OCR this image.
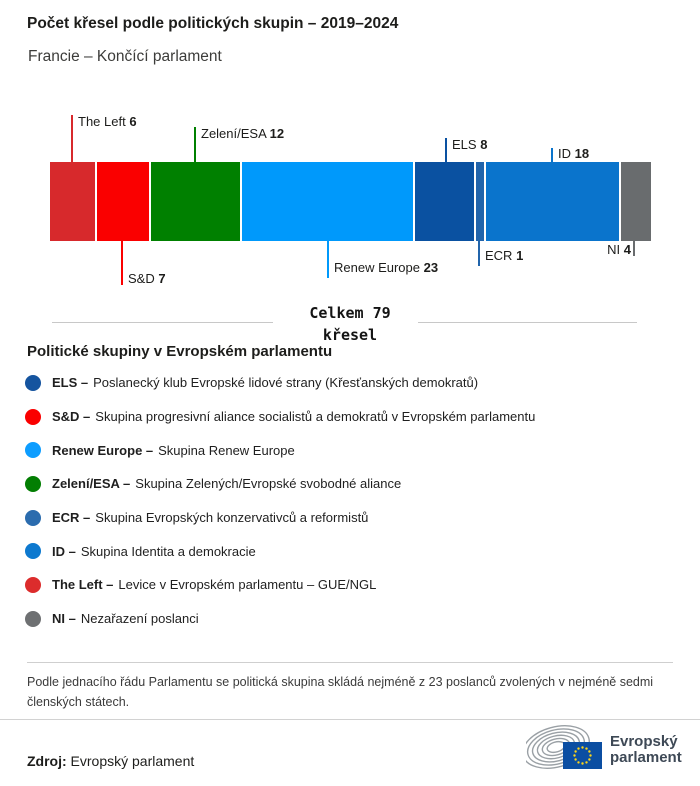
Počet křesel podle politických skupin – 2019–2024
Francie – Končící parlament
The Left 6
Zelení/ESA 12
ELS 8
ID 18
S&D 7
Renew Europe 23
ECR 1	NI 4
Celkem 79
křesel
Politické skupiny v Evropském parlamentu
ELS – Poslanecký klub Evropské lidové strany (Křesťanských demokratů)
S&D – Skupina progresivní aliance socialistů a demokratů v Evropském parlamentu
Renew Europe – Skupina Renew Europe
Zelení/ESA – Skupina Zelených/Evropské svobodné aliance
ECR – Skupina Evropských konzervativců a reformistů
ID – Skupina Identita a demokracie
The Left – Levice v Evropském parlamentu – GUE/NGL
NI – Nezařazení poslanci
Podle jednacího řádu Parlamentu se politická skupina skládá nejméně z 23 poslanců zvolených v nejméně sedmi členských státech.
Zdroj: Evropský parlament
Evropský
parlament
